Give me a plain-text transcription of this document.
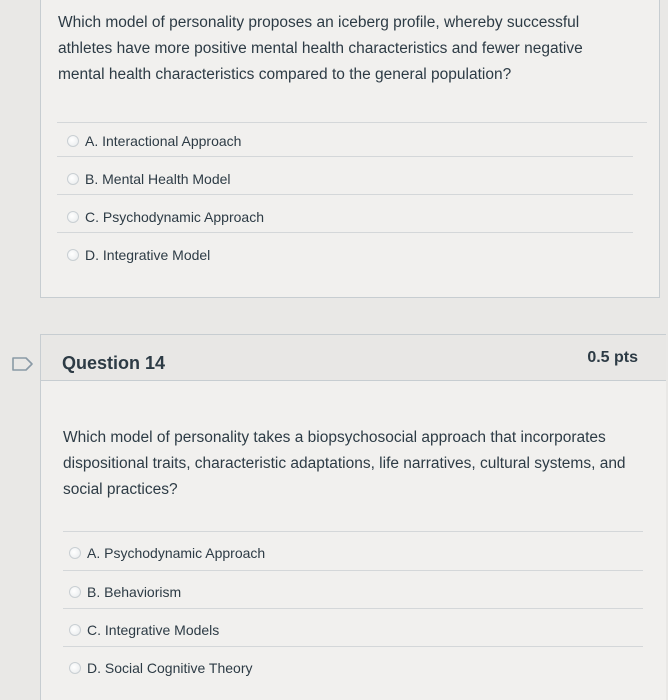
Which model of personality proposes an iceberg profile, whereby successful athletes have more positive mental health characteristics and fewer negative mental health characteristics compared to the general population?
A. Interactional Approach
B. Mental Health Model
C. Psychodynamic Approach
D. Integrative Model
Question 14	0.5 pts
Which model of personality takes a biopsychosocial approach that incorporates dispositional traits, characteristic adaptations, life narratives, cultural systems, and social practices?
A. Psychodynamic Approach
B. Behaviorism
C. Integrative Models
D. Social Cognitive Theory
